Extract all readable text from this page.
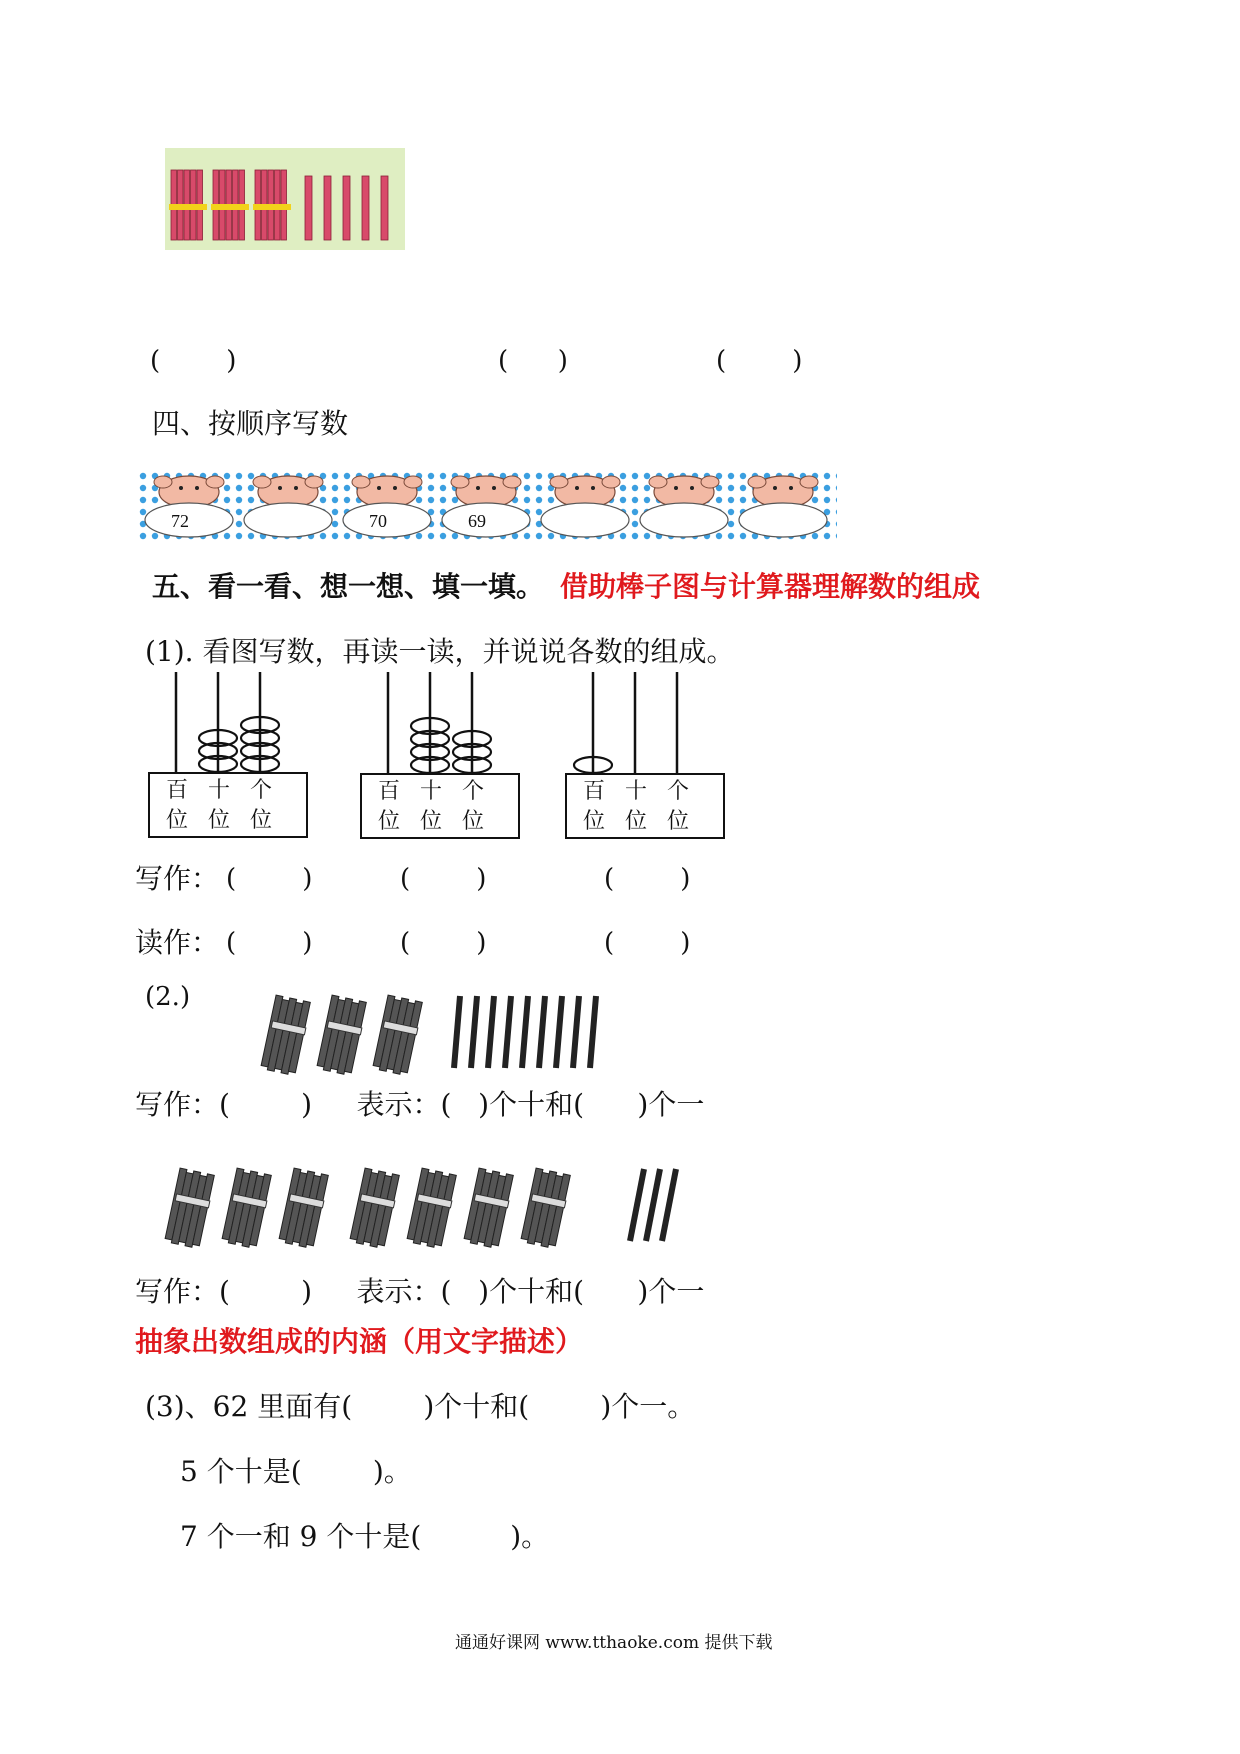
(        )	(      )	(        )
四、按顺序写数
72	70	69
五、看一看、想一想、填一填。 借助棒子图与计算器理解数的组成
(1). 看图写数，再读一读，并说说各数的组成。
百
位
十
位
个
位
百
位
十
位
个
位
百
位
十
位
个
位
写作： (        )	(        )	(        )
读作： (        )	(        )	(        )
(2.)
写作：(        )     表示：(   )个十和(      )个一
写作：(        )     表示：(   )个十和(      )个一
抽象出数组成的内涵（用文字描述）
(3)、62 里面有(        )个十和(        )个一。
5 个十是(        )。
7 个一和 9 个十是(          )。
通通好课网 www.tthaoke.com 提供下载
